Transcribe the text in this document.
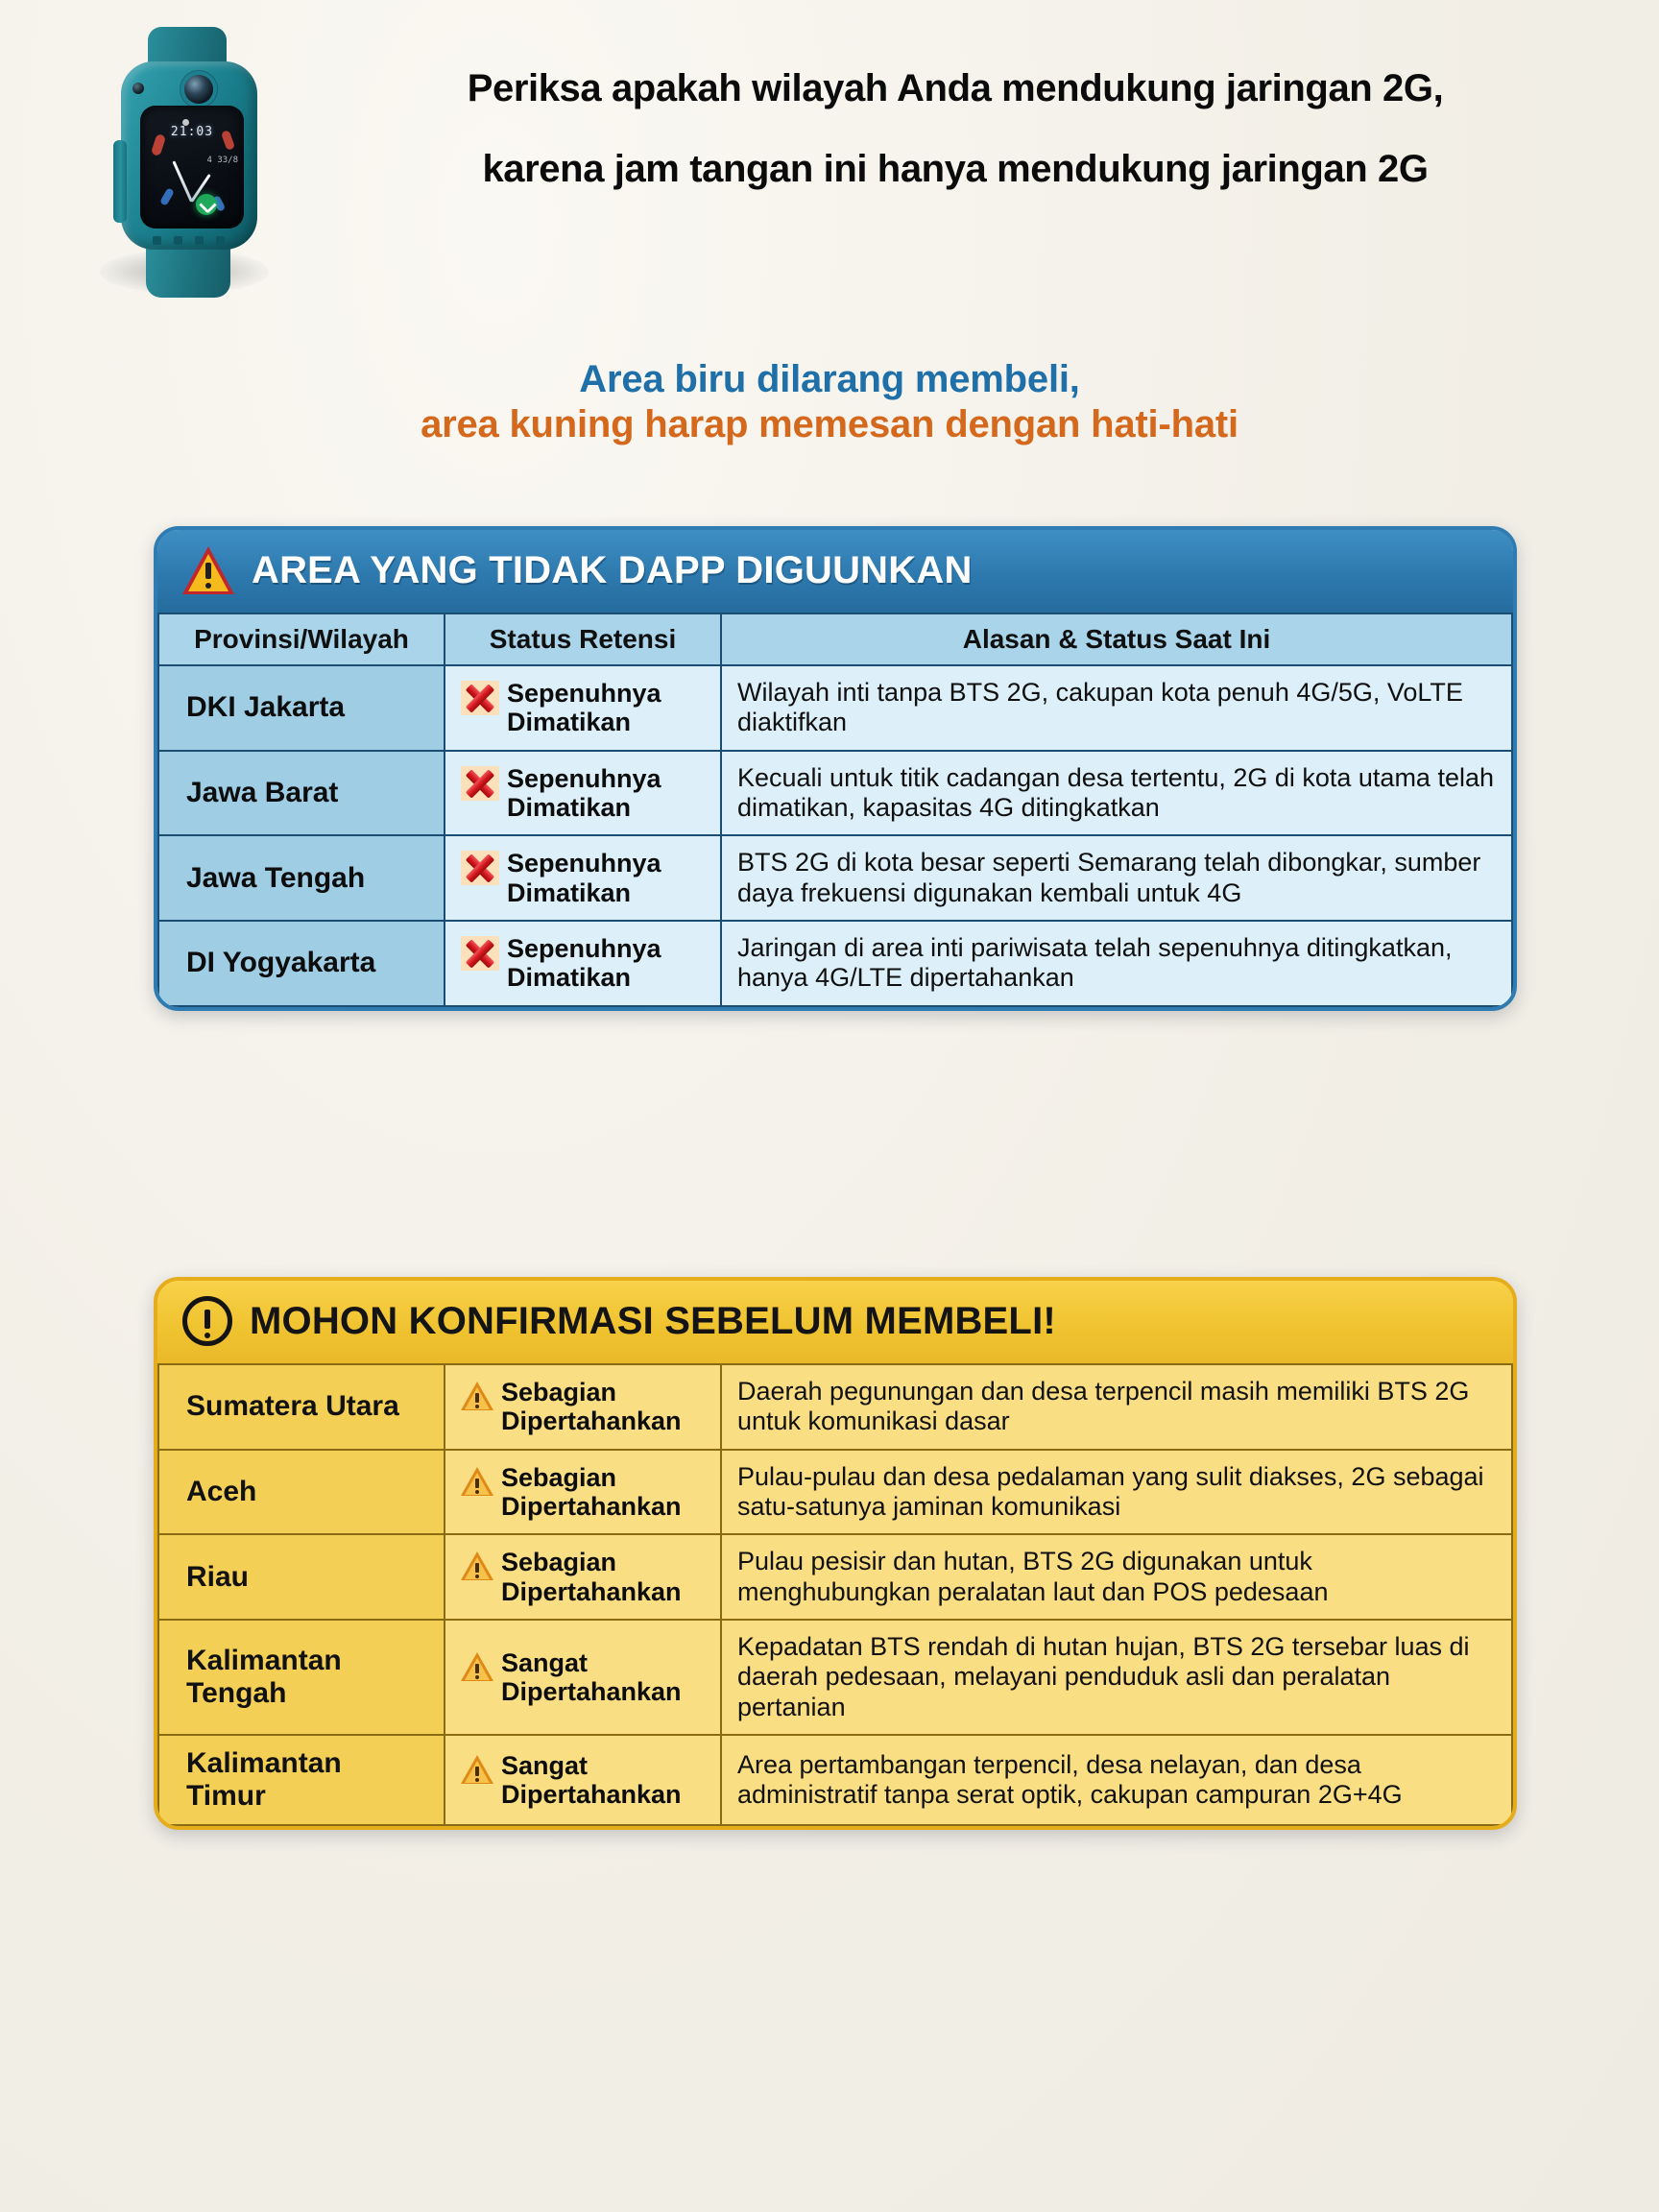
21:03
4 33/8
Periksa apakah wilayah Anda mendukung jaringan 2G,
karena jam tangan ini hanya mendukung jaringan 2G
Area biru dilarang membeli,
area kuning harap memesan dengan hati-hati
AREA YANG TIDAK DAPP DIGUUNKAN
Provinsi/Wilayah	Status Retensi	Alasan & Status Saat Ini
DKI Jakarta	Sepenuhnya Dimatikan	Wilayah inti tanpa BTS 2G, cakupan kota penuh 4G/5G, VoLTE diaktifkan
Jawa Barat	Sepenuhnya Dimatikan	Kecuali untuk titik cadangan desa tertentu, 2G di kota utama telah dimatikan, kapasitas 4G ditingkatkan
Jawa Tengah	Sepenuhnya Dimatikan	BTS 2G di kota besar seperti Semarang telah dibongkar, sumber daya frekuensi digunakan kembali untuk 4G
DI Yogyakarta	Sepenuhnya Dimatikan	Jaringan di area inti pariwisata telah sepenuhnya ditingkatkan, hanya 4G/LTE dipertahankan
MOHON KONFIRMASI SEBELUM MEMBELI!
Sumatera Utara	Sebagian Dipertahankan	Daerah pegunungan dan desa terpencil masih memiliki BTS 2G untuk komunikasi dasar
Aceh	Sebagian Dipertahankan	Pulau-pulau dan desa pedalaman yang sulit diakses, 2G sebagai satu-satunya jaminan komunikasi
Riau	Sebagian Dipertahankan	Pulau pesisir dan hutan, BTS 2G digunakan untuk menghubungkan peralatan laut dan POS pedesaan
Kalimantan Tengah	Sangat Dipertahankan	Kepadatan BTS rendah di hutan hujan, BTS 2G tersebar luas di daerah pedesaan, melayani penduduk asli dan peralatan pertanian
Kalimantan Timur	Sangat Dipertahankan	Area pertambangan terpencil, desa nelayan, dan desa administratif tanpa serat optik, cakupan campuran 2G+4G
